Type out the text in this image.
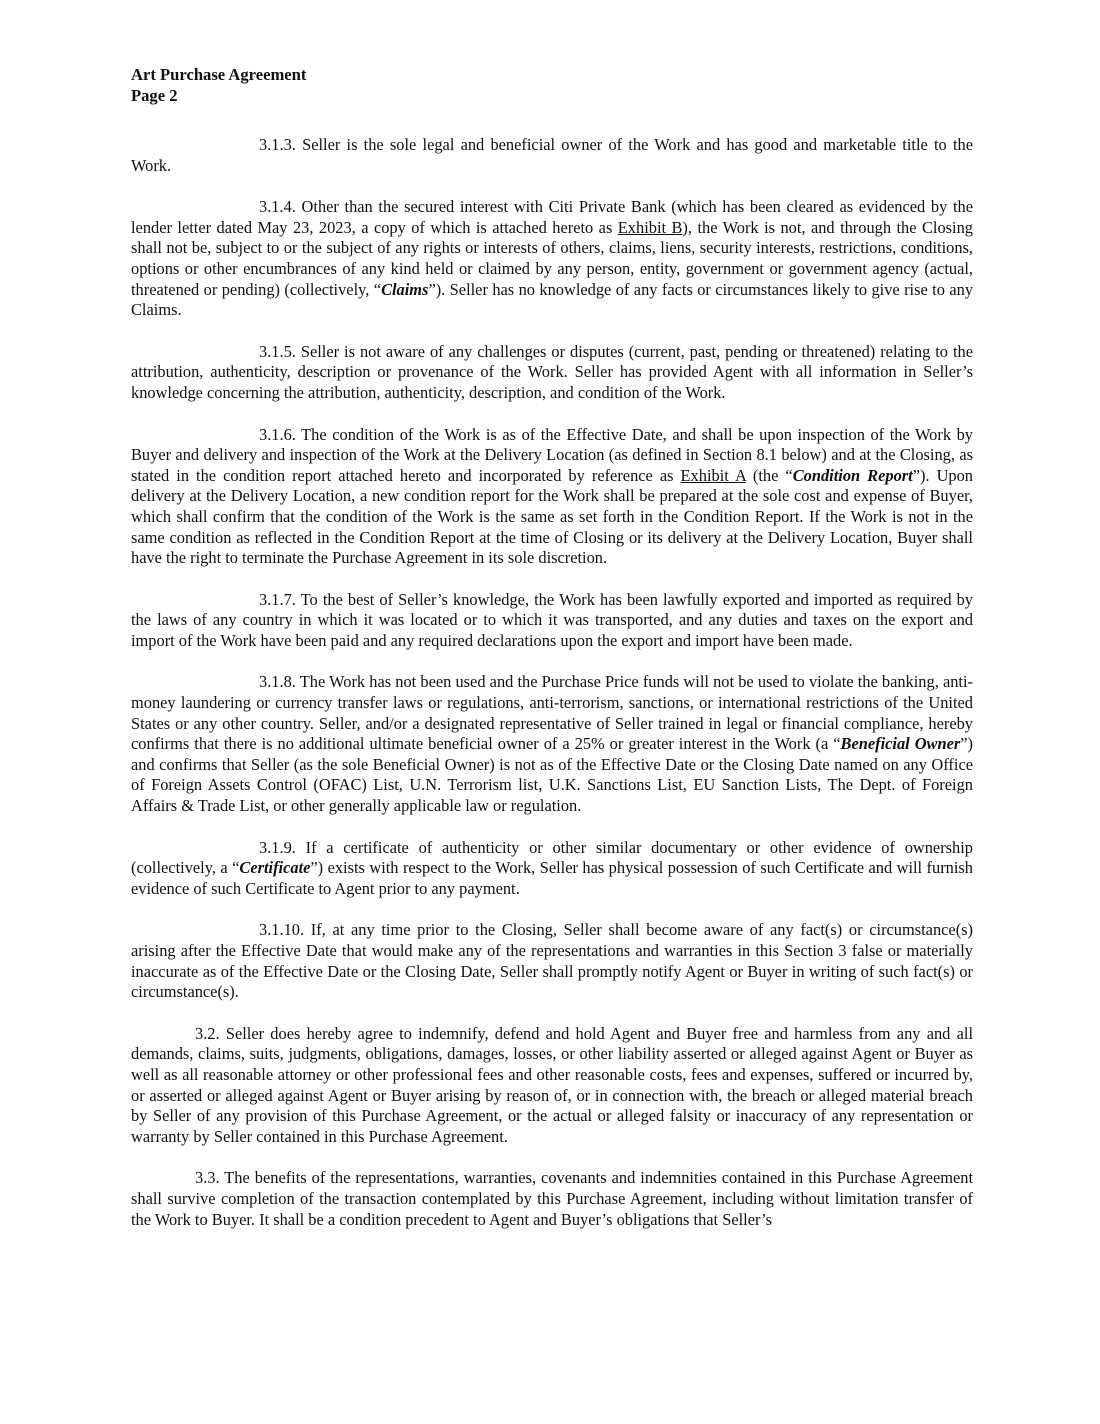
Art Purchase Agreement
Page 2

3.1.3. Seller is the sole legal and beneficial owner of the Work and has good and marketable title to the Work.

3.1.4. Other than the secured interest with Citi Private Bank (which has been cleared as evidenced by the lender letter dated May 23, 2023, a copy of which is attached hereto as Exhibit B), the Work is not, and through the Closing shall not be, subject to or the subject of any rights or interests of others, claims, liens, security interests, restrictions, conditions, options or other encumbrances of any kind held or claimed by any person, entity, government or government agency (actual, threatened or pending) (collectively, “Claims”). Seller has no knowledge of any facts or circumstances likely to give rise to any Claims.

3.1.5. Seller is not aware of any challenges or disputes (current, past, pending or threatened) relating to the attribution, authenticity, description or provenance of the Work. Seller has provided Agent with all information in Seller’s knowledge concerning the attribution, authenticity, description, and condition of the Work.

3.1.6. The condition of the Work is as of the Effective Date, and shall be upon inspection of the Work by Buyer and delivery and inspection of the Work at the Delivery Location (as defined in Section 8.1 below) and at the Closing, as stated in the condition report attached hereto and incorporated by reference as Exhibit A (the “Condition Report”). Upon delivery at the Delivery Location, a new condition report for the Work shall be prepared at the sole cost and expense of Buyer, which shall confirm that the condition of the Work is the same as set forth in the Condition Report. If the Work is not in the same condition as reflected in the Condition Report at the time of Closing or its delivery at the Delivery Location, Buyer shall have the right to terminate the Purchase Agreement in its sole discretion.

3.1.7. To the best of Seller’s knowledge, the Work has been lawfully exported and imported as required by the laws of any country in which it was located or to which it was transported, and any duties and taxes on the export and import of the Work have been paid and any required declarations upon the export and import have been made.

3.1.8. The Work has not been used and the Purchase Price funds will not be used to violate the banking, anti-money laundering or currency transfer laws or regulations, anti-terrorism, sanctions, or international restrictions of the United States or any other country. Seller, and/or a designated representative of Seller trained in legal or financial compliance, hereby confirms that there is no additional ultimate beneficial owner of a 25% or greater interest in the Work (a “Beneficial Owner”) and confirms that Seller (as the sole Beneficial Owner) is not as of the Effective Date or the Closing Date named on any Office of Foreign Assets Control (OFAC) List, U.N. Terrorism list, U.K. Sanctions List, EU Sanction Lists, The Dept. of Foreign Affairs & Trade List, or other generally applicable law or regulation.

3.1.9. If a certificate of authenticity or other similar documentary or other evidence of ownership (collectively, a “Certificate”) exists with respect to the Work, Seller has physical possession of such Certificate and will furnish evidence of such Certificate to Agent prior to any payment.

3.1.10. If, at any time prior to the Closing, Seller shall become aware of any fact(s) or circumstance(s) arising after the Effective Date that would make any of the representations and warranties in this Section 3 false or materially inaccurate as of the Effective Date or the Closing Date, Seller shall promptly notify Agent or Buyer in writing of such fact(s) or circumstance(s).

3.2. Seller does hereby agree to indemnify, defend and hold Agent and Buyer free and harmless from any and all demands, claims, suits, judgments, obligations, damages, losses, or other liability asserted or alleged against Agent or Buyer as well as all reasonable attorney or other professional fees and other reasonable costs, fees and expenses, suffered or incurred by, or asserted or alleged against Agent or Buyer arising by reason of, or in connection with, the breach or alleged material breach by Seller of any provision of this Purchase Agreement, or the actual or alleged falsity or inaccuracy of any representation or warranty by Seller contained in this Purchase Agreement.

3.3. The benefits of the representations, warranties, covenants and indemnities contained in this Purchase Agreement shall survive completion of the transaction contemplated by this Purchase Agreement, including without limitation transfer of the Work to Buyer. It shall be a condition precedent to Agent and Buyer’s obligations that Seller’s
